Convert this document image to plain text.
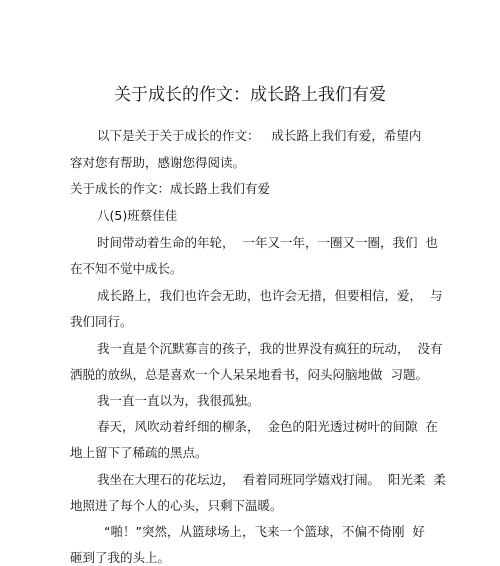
关于成长的作文：成长路上我们有爱
以下是关于关于成长的作文：   成长路上我们有爱，希望内
容对您有帮助，感谢您得阅读。
关于成长的作文：成长路上我们有爱
八(5)班蔡佳佳
时间带动着生命的年轮，  一年又一年，一圈又一圈，我们  也
在不知不觉中成长。
成长路上，我们也许会无助，也许会无措，但要相信，爱，  与
我们同行。
我一直是个沉默寡言的孩子，我的世界没有疯狂的玩动，  没有
洒脱的放纵，总是喜欢一个人呆呆地看书，闷头闷脑地做  习题。
我一直一直以为，我很孤独。
春天，风吹动着纤细的柳条，  金色的阳光透过树叶的间隙  在
地上留下了稀疏的黑点。
我坐在大理石的花坛边，  看着同班同学嬉戏打闹。  阳光柔  柔
地照进了每个人的心头，只剩下温暖。
“啪！”突然，从篮球场上，飞来一个篮球，不偏不倚刚  好
砸到了我的头上。
